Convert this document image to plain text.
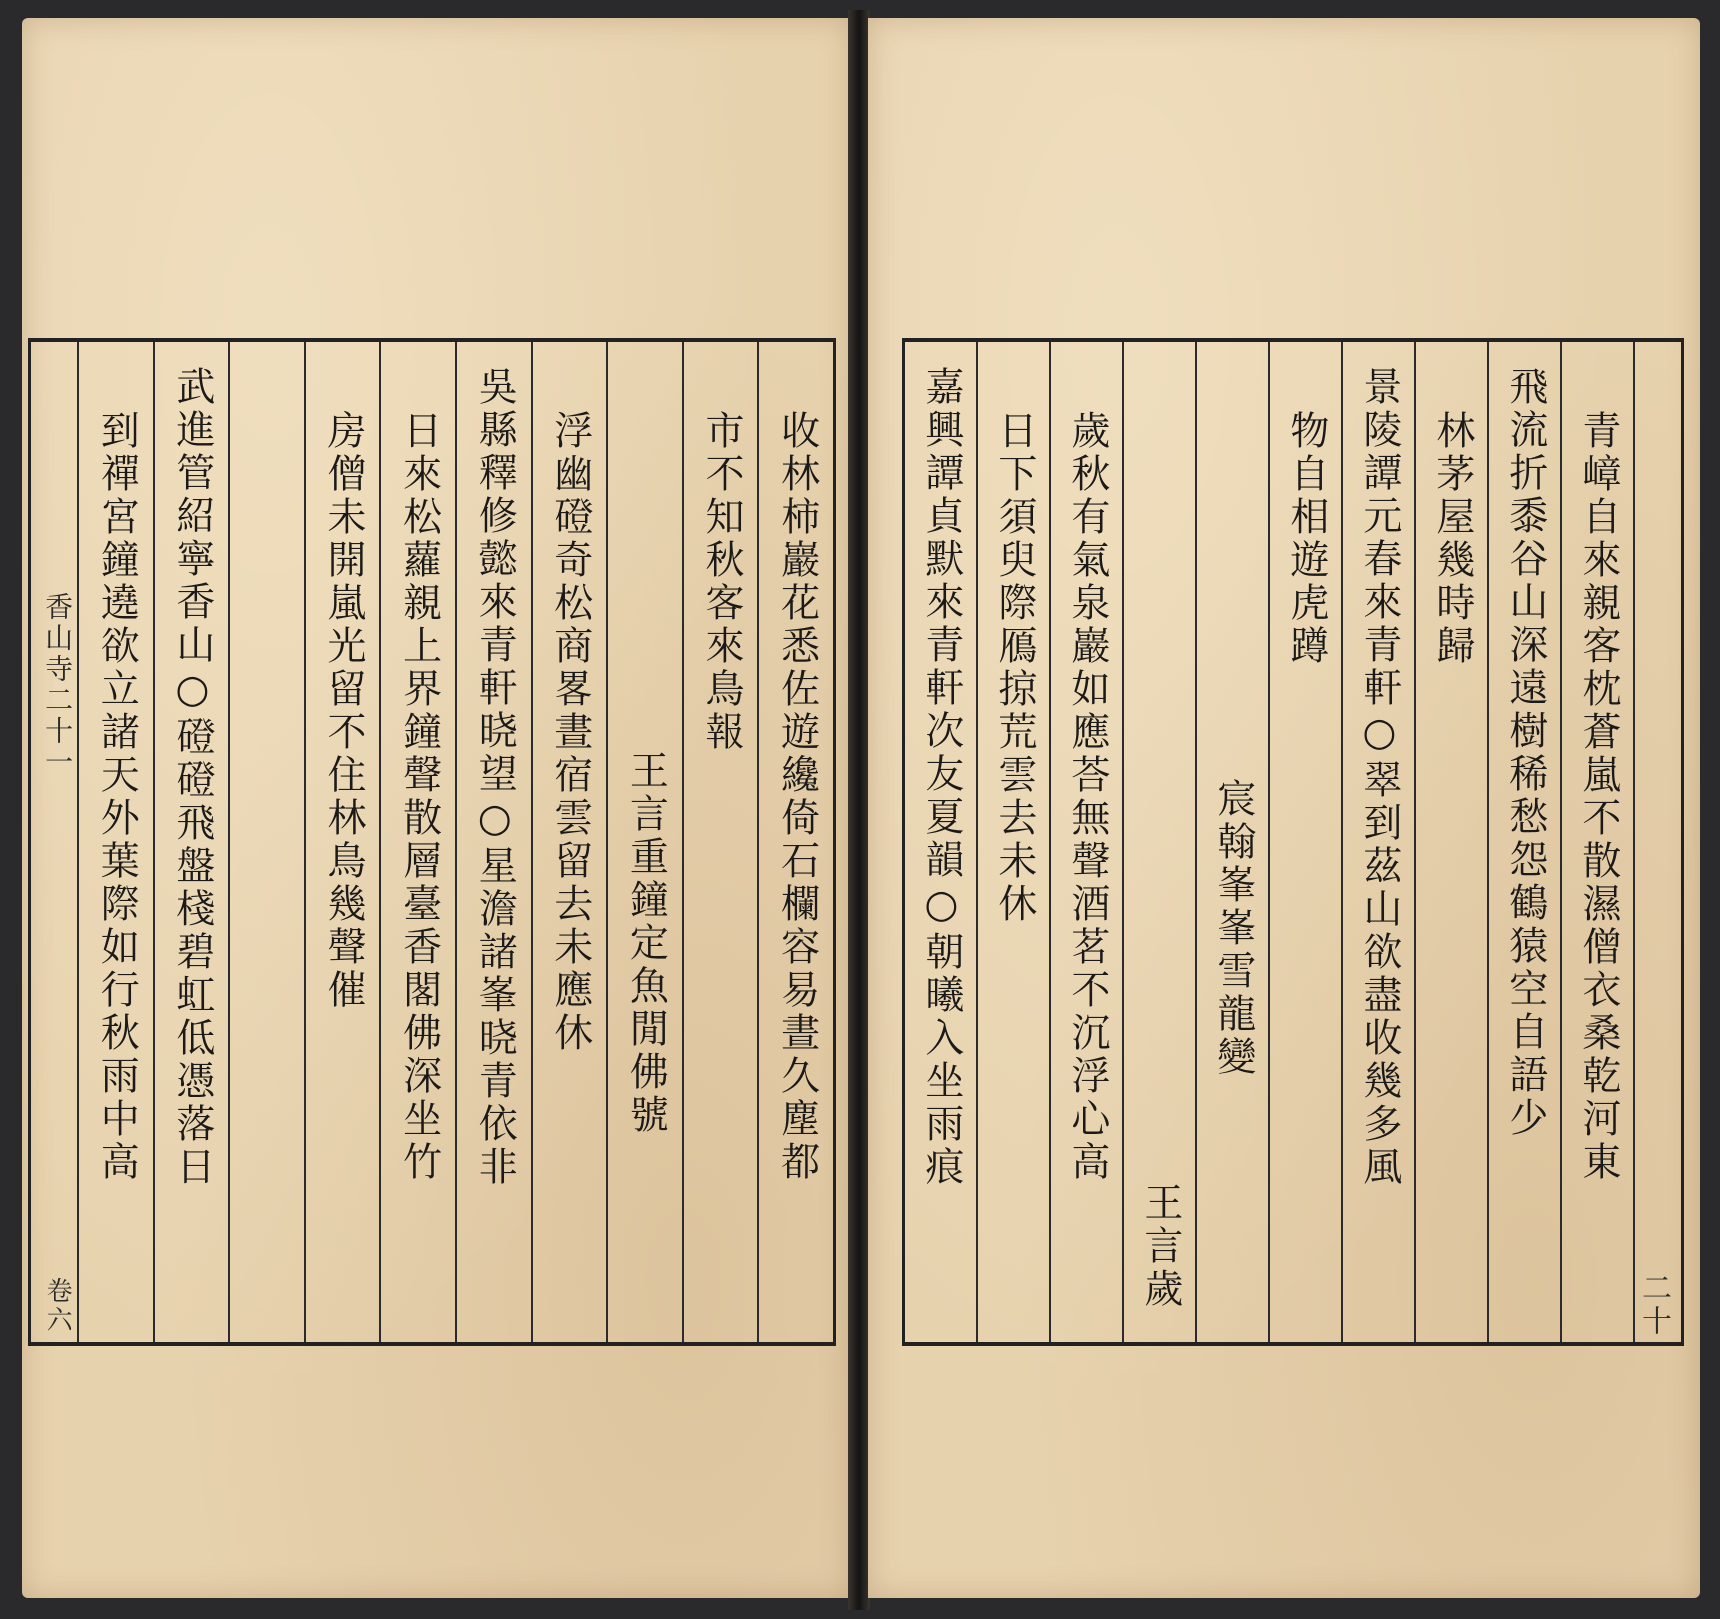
收林柿巖花悉佐遊纔倚石欄容易晝久塵都
市不知秋客來鳥報
王言重鐘定魚閒佛號
浮幽磴奇松商畧晝宿雲留去未應休
吳縣釋修懿來青軒晓望○星澹諸峯晓青依非
日來松蘿親上界鐘聲散層臺香閣佛深坐竹
房僧未開嵐光留不住林鳥幾聲催
武進管紹寧香山○磴磴飛盤棧碧虹低憑落日
到禪宮鐘遶欲立諸天外葉際如行秋雨中高
香山寺二十一
卷六	二十
青嶂自來親客枕蒼嵐不散濕僧衣桑乾河東
飛流折黍谷山深遠樹稀愁怨鶴猿空自語少
林茅屋幾時歸
景陵譚元春來青軒○翠到茲山欲盡收幾多風
物自相遊虎蹲
宸翰峯峯雪龍變
王言歲
歲秋有氣泉巖如應荅無聲酒茗不沉浮心高
日下須臾際鴈掠荒雲去未休
嘉興譚貞默來青軒次友夏韻○朝曦入坐雨痕
